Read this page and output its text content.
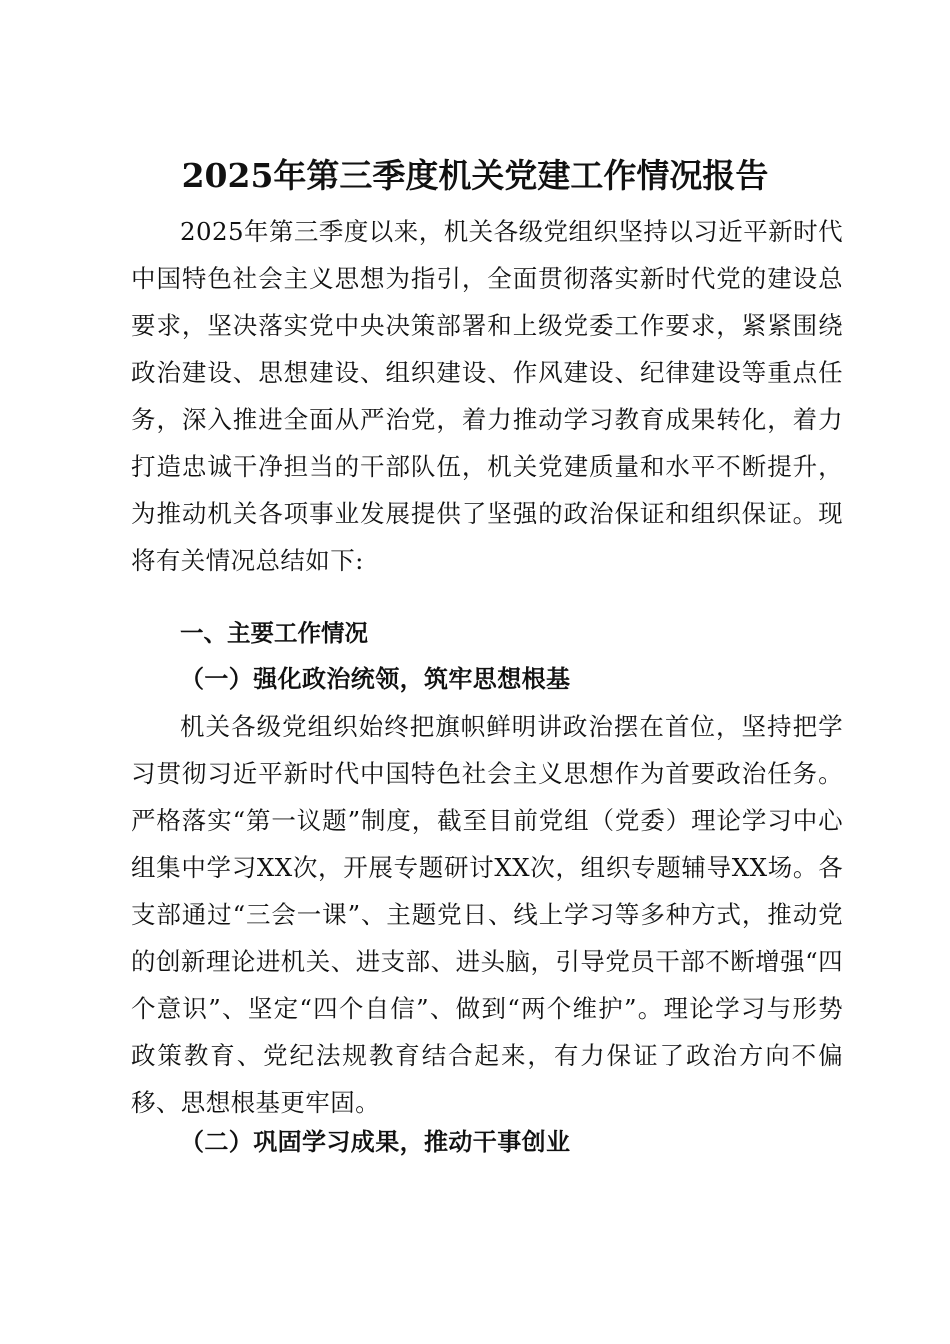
2025年第三季度机关党建工作情况报告

2025年第三季度以来，机关各级党组织坚持以习近平新时代中国特色社会主义思想为指引，全面贯彻落实新时代党的建设总要求，坚决落实党中央决策部署和上级党委工作要求，紧紧围绕政治建设、思想建设、组织建设、作风建设、纪律建设等重点任务，深入推进全面从严治党，着力推动学习教育成果转化，着力打造忠诚干净担当的干部队伍，机关党建质量和水平不断提升，为推动机关各项事业发展提供了坚强的政治保证和组织保证。现将有关情况总结如下:

一、主要工作情况
（一）强化政治统领，筑牢思想根基

机关各级党组织始终把旗帜鲜明讲政治摆在首位，坚持把学习贯彻习近平新时代中国特色社会主义思想作为首要政治任务。严格落实“第一议题”制度，截至目前党组（党委）理论学习中心组集中学习XX次，开展专题研讨XX次，组织专题辅导XX场。各支部通过“三会一课”、主题党日、线上学习等多种方式，推动党的创新理论进机关、进支部、进头脑，引导党员干部不断增强“四个意识”、坚定“四个自信”、做到“两个维护”。理论学习与形势政策教育、党纪法规教育结合起来，有力保证了政治方向不偏移、思想根基更牢固。

（二）巩固学习成果，推动干事创业
